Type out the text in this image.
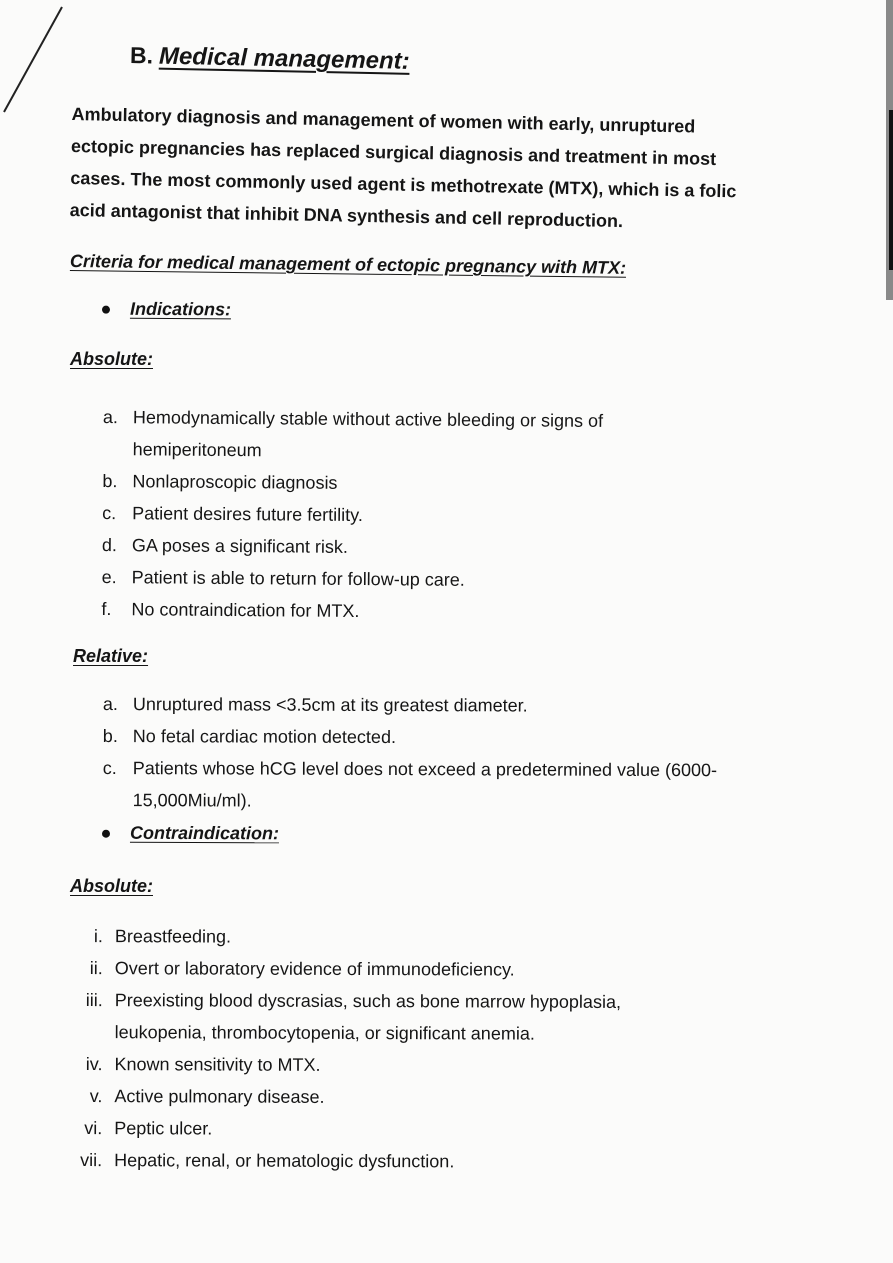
B. Medical management:
Ambulatory diagnosis and management of women with early, unruptured
ectopic pregnancies has replaced surgical diagnosis and treatment in most
cases. The most commonly used agent is methotrexate (MTX), which is a folic
acid antagonist that inhibit DNA synthesis and cell reproduction.
Criteria for medical management of ectopic pregnancy with MTX:
Indications:
Absolute:
a. Hemodynamically stable without active bleeding or signs of hemiperitoneum
b. Nonlaproscopic diagnosis
c. Patient desires future fertility.
d. GA poses a significant risk.
e. Patient is able to return for follow-up care.
f.	No contraindication for MTX.
Relative:
a. Unruptured mass <3.5cm at its greatest diameter.
b. No fetal cardiac motion detected.
c. Patients whose hCG level does not exceed a predetermined value (6000-15,000Miu/ml).
Contraindication:
Absolute:
i. Breastfeeding.
ii. Overt or laboratory evidence of immunodeficiency.
iii. Preexisting blood dyscrasias, such as bone marrow hypoplasia, leukopenia, thrombocytopenia, or significant anemia.
iv. Known sensitivity to MTX.
v. Active pulmonary disease.
vi. Peptic ulcer.
vii. Hepatic, renal, or hematologic dysfunction.
